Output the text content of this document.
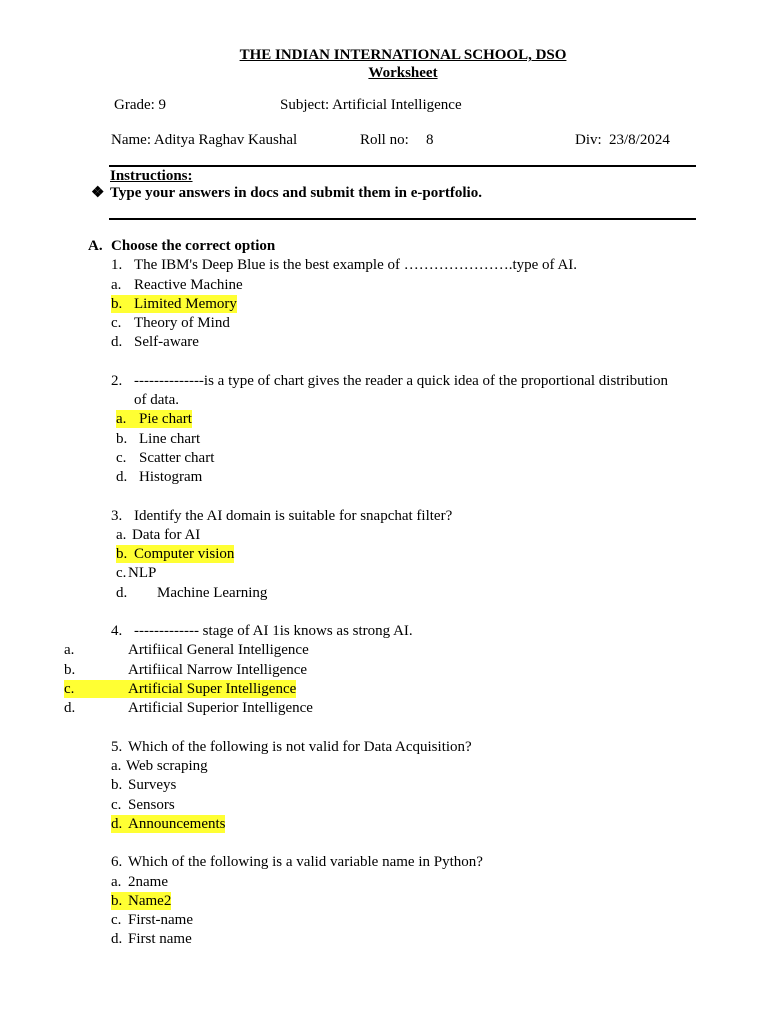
THE INDIAN INTERNATIONAL SCHOOL, DSO
Worksheet
Grade: 9	Subject: Artificial Intelligence
Name: Aditya Raghav Kaushal	Roll no: 8	Div: 23/8/2024
Instructions:
❖ Type your answers in docs and submit them in e-portfolio.
A. Choose the correct option
1. The IBM's Deep Blue is the best example of ………………….type of AI.
a. Reactive Machine
b. Limited Memory
c. Theory of Mind
d. Self-aware
2. --------------is a type of chart gives the reader a quick idea of the proportional distribution
of data.
a. Pie chart
b. Line chart
c. Scatter chart
d. Histogram
3. Identify the AI domain is suitable for snapchat filter?
a. Data for AI
b. Computer vision
c. NLP
d. Machine Learning
4. ------------- stage of AI 1is knows as strong AI.
a.	Artifiical General Intelligence
b.	Artifiical Narrow Intelligence
c.	Artificial Super Intelligence
d.	Artificial Superior Intelligence
5. Which of the following is not valid for Data Acquisition?
a. Web scraping
b. Surveys
c. Sensors
d. Announcements
6. Which of the following is a valid variable name in Python?
a. 2name
b. Name2
c. First-name
d. First name
